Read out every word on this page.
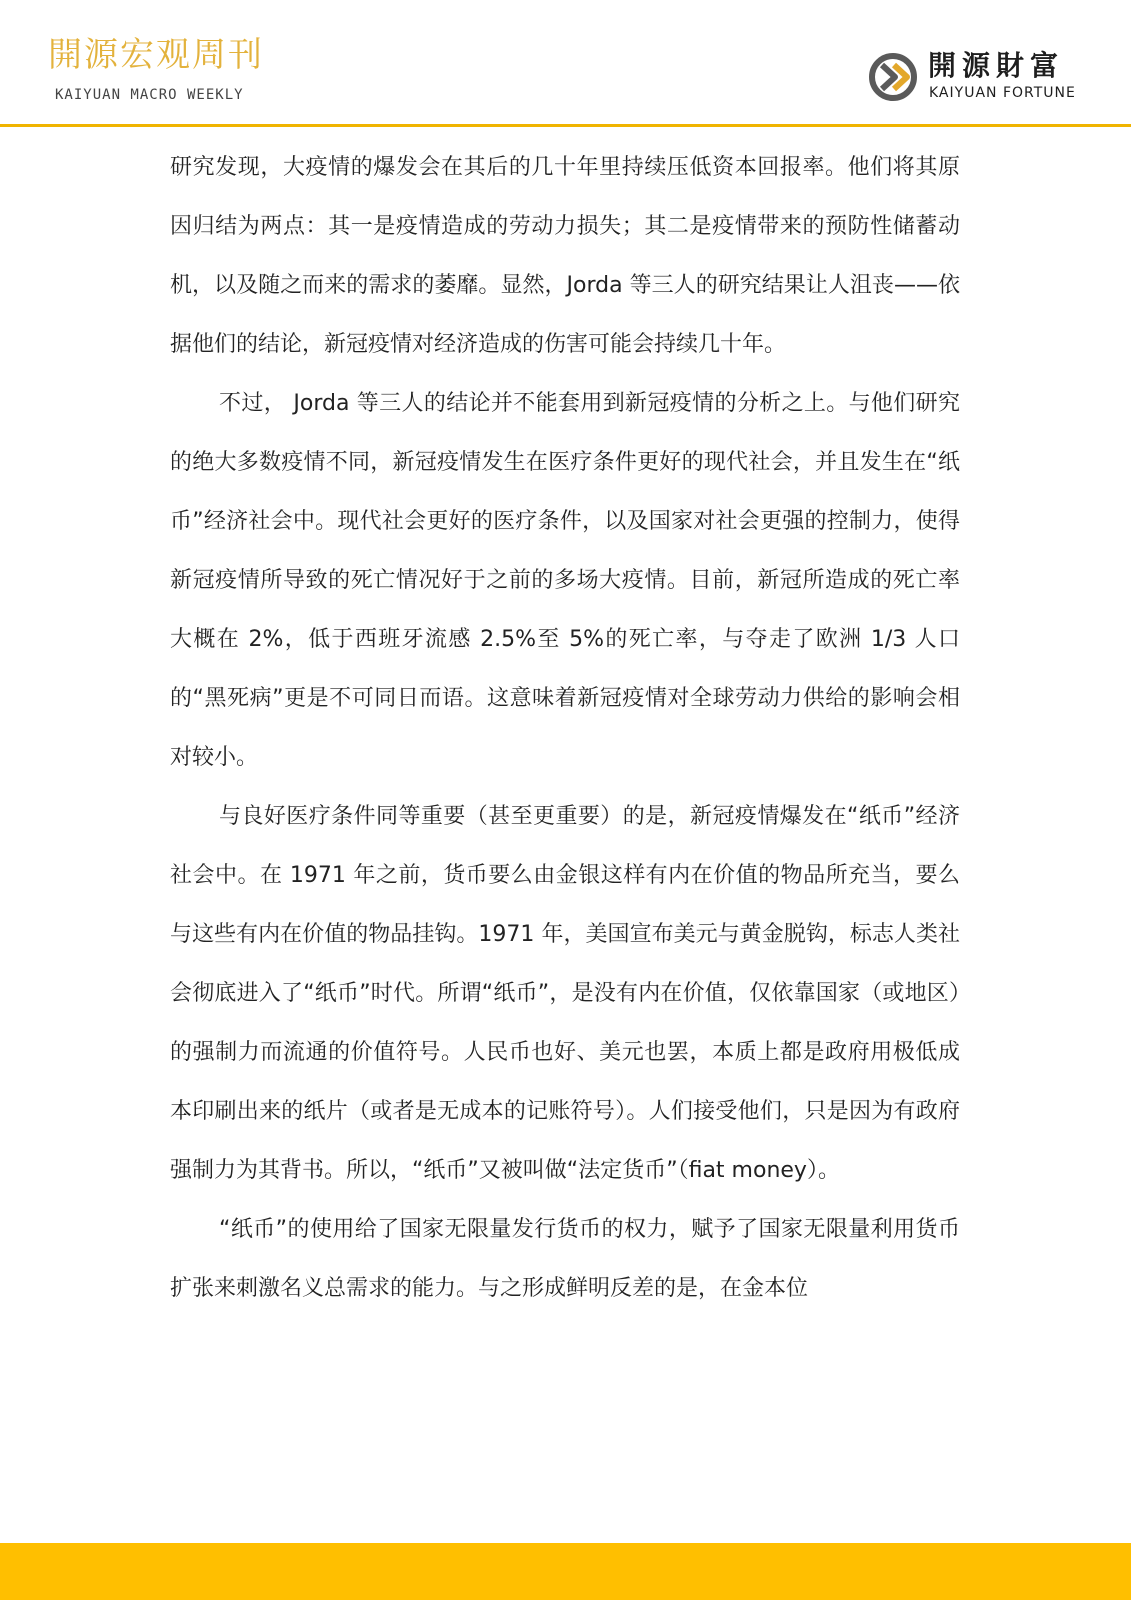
開源宏观周刊
KAIYUAN MACRO WEEKLY
開源財富
KAIYUAN FORTUNE

研究发现，大疫情的爆发会在其后的几十年里持续压低资本回报率。他们将其原因归结为两点：其一是疫情造成的劳动力损失；其二是疫情带来的预防性储蓄动机，以及随之而来的需求的萎靡。显然，Jorda 等三人的研究结果让人沮丧——依据他们的结论，新冠疫情对经济造成的伤害可能会持续几十年。

不过， Jorda 等三人的结论并不能套用到新冠疫情的分析之上。与他们研究的绝大多数疫情不同，新冠疫情发生在医疗条件更好的现代社会，并且发生在“纸币”经济社会中。现代社会更好的医疗条件，以及国家对社会更强的控制力，使得新冠疫情所导致的死亡情况好于之前的多场大疫情。目前，新冠所造成的死亡率大概在 2%，低于西班牙流感 2.5%至 5%的死亡率，与夺走了欧洲 1/3 人口的“黑死病”更是不可同日而语。这意味着新冠疫情对全球劳动力供给的影响会相对较小。

与良好医疗条件同等重要（甚至更重要）的是，新冠疫情爆发在“纸币”经济社会中。在 1971 年之前，货币要么由金银这样有内在价值的物品所充当，要么与这些有内在价值的物品挂钩。1971 年，美国宣布美元与黄金脱钩，标志人类社会彻底进入了“纸币”时代。所谓“纸币”，是没有内在价值，仅依靠国家（或地区）的强制力而流通的价值符号。人民币也好、美元也罢，本质上都是政府用极低成本印刷出来的纸片（或者是无成本的记账符号）。人们接受他们，只是因为有政府强制力为其背书。所以，“纸币”又被叫做“法定货币”（fiat money）。

“纸币”的使用给了国家无限量发行货币的权力，赋予了国家无限量利用货币扩张来刺激名义总需求的能力。与之形成鲜明反差的是，在金本位
